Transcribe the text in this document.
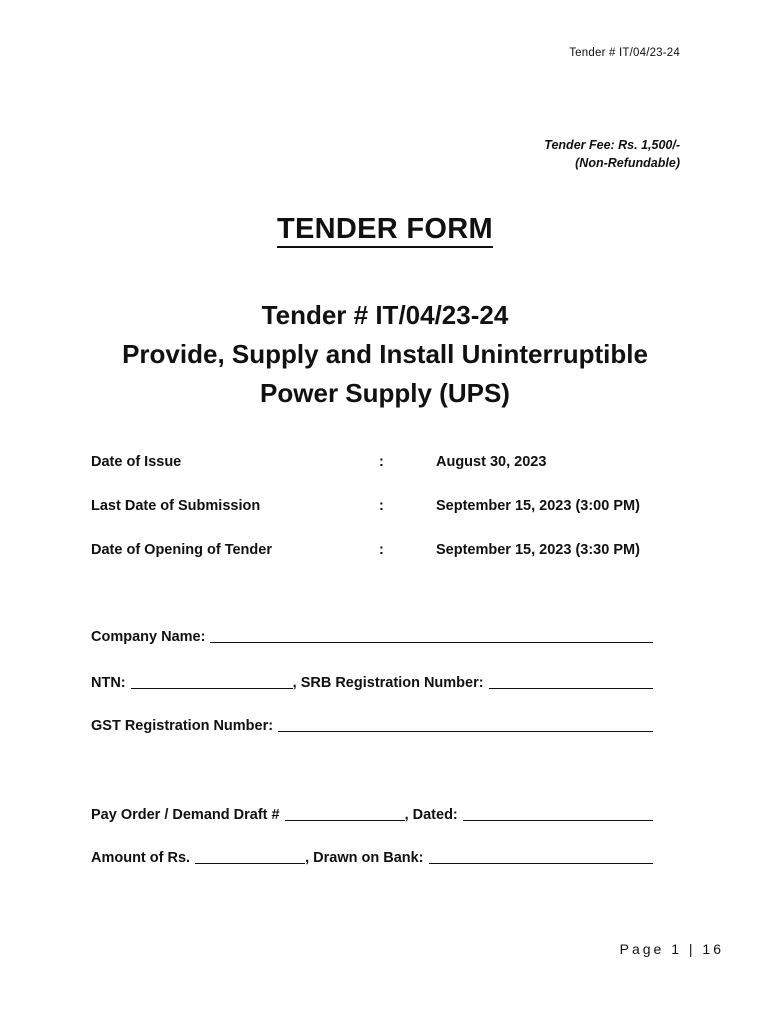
Tender # IT/04/23-24
Tender Fee: Rs. 1,500/-
(Non-Refundable)
TENDER FORM
Tender # IT/04/23-24
Provide, Supply and Install Uninterruptible
Power Supply (UPS)
Date of Issue	:	August 30, 2023
Last Date of Submission	:	September 15, 2023 (3:00 PM)
Date of Opening of Tender	:	September 15, 2023 (3:30 PM)
Company Name:
NTN:	, SRB Registration Number:
GST Registration Number:
Pay Order / Demand Draft #	, Dated:
Amount of Rs.	, Drawn on Bank:
Page 1 | 16
